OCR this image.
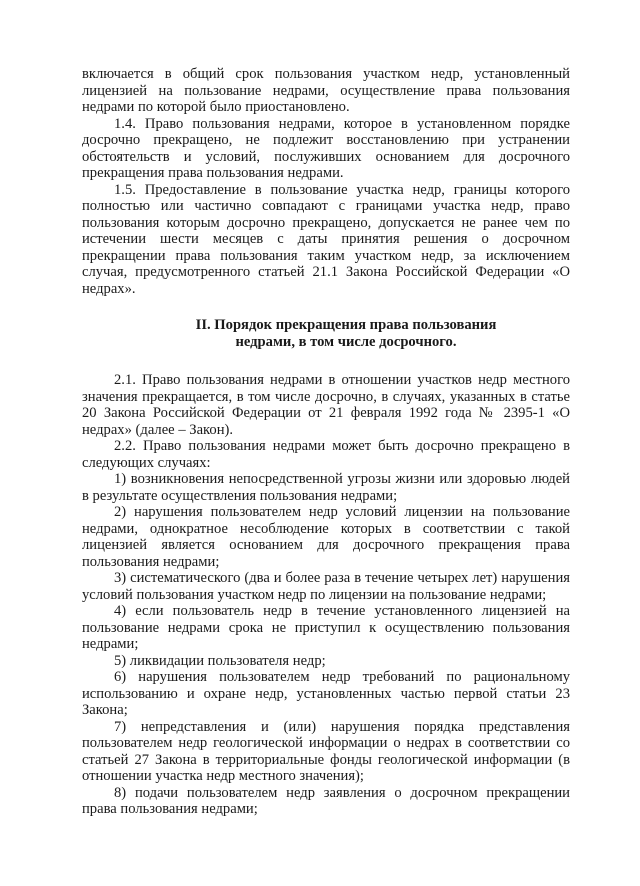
включается в общий срок пользования участком недр, установленный лицензией на пользование недрами, осуществление права пользования недрами по которой было приостановлено.

1.4. Право пользования недрами, которое в установленном порядке досрочно прекращено, не подлежит восстановлению при устранении обстоятельств и условий, послуживших основанием для досрочного прекращения права пользования недрами.

1.5. Предоставление в пользование участка недр, границы которого полностью или частично совпадают с границами участка недр, право пользования которым досрочно прекращено, допускается не ранее чем по истечении шести месяцев с даты принятия решения о досрочном прекращении права пользования таким участком недр, за исключением случая, предусмотренного статьей 21.1 Закона Российской Федерации «О недрах».

II. Порядок прекращения права пользования
недрами, в том числе досрочного.

2.1. Право пользования недрами в отношении участков недр местного значения прекращается, в том числе досрочно, в случаях, указанных в статье 20 Закона Российской Федерации от 21 февраля 1992 года № 2395-1 «О недрах» (далее – Закон).

2.2. Право пользования недрами может быть досрочно прекращено в следующих случаях:

1) возникновения непосредственной угрозы жизни или здоровью людей в результате осуществления пользования недрами;

2) нарушения пользователем недр условий лицензии на пользование недрами, однократное несоблюдение которых в соответствии с такой лицензией является основанием для досрочного прекращения права пользования недрами;

3) систематического (два и более раза в течение четырех лет) нарушения условий пользования участком недр по лицензии на пользование недрами;

4) если пользователь недр в течение установленного лицензией на пользование недрами срока не приступил к осуществлению пользования недрами;

5) ликвидации пользователя недр;

6) нарушения пользователем недр требований по рациональному использованию и охране недр, установленных частью первой статьи 23 Закона;

7) непредставления и (или) нарушения порядка представления пользователем недр геологической информации о недрах в соответствии со статьей 27 Закона в территориальные фонды геологической информации (в отношении участка недр местного значения);

8) подачи пользователем недр заявления о досрочном прекращении права пользования недрами;
